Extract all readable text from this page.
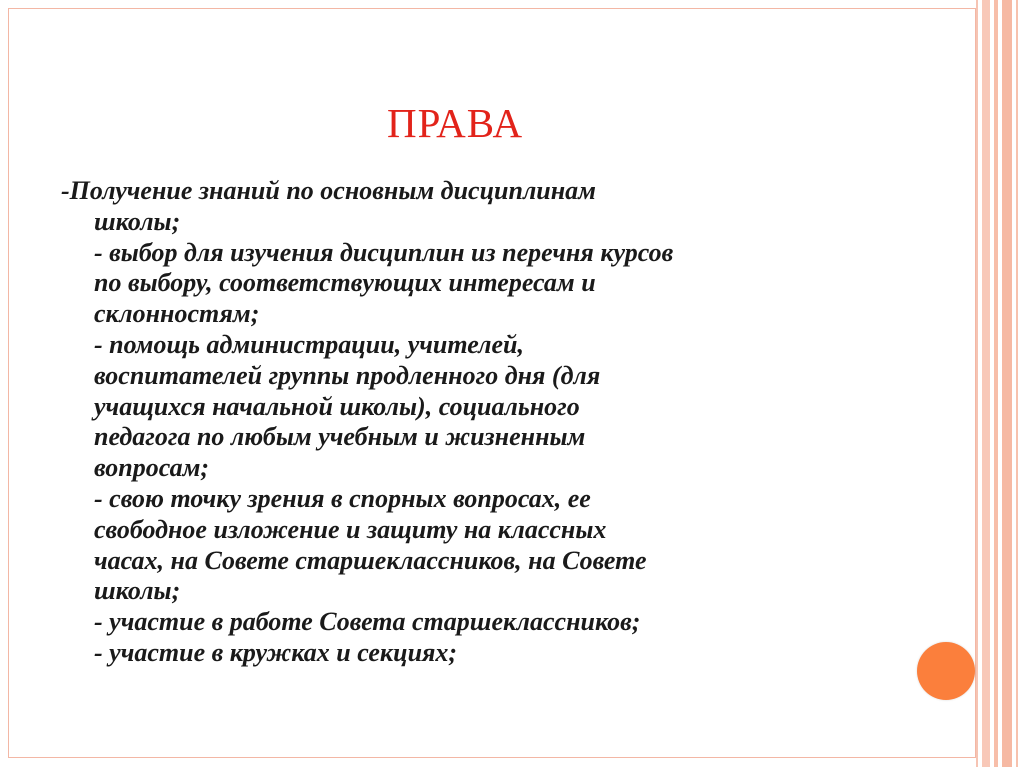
ПРАВА
-Получение знаний по основным дисциплинам
школы;
- выбор для изучения дисциплин из перечня курсов
по выбору, соответствующих интересам и
склонностям;
- помощь администрации, учителей,
воспитателей группы продленного дня (для
учащихся начальной школы), социального
педагога по любым учебным и жизненным
вопросам;
- свою точку зрения в спорных вопросах, ее
свободное изложение и защиту на классных
часах, на Совете старшеклассников, на Совете
школы;
- участие в работе Совета старшеклассников;
- участие в кружках и секциях;
